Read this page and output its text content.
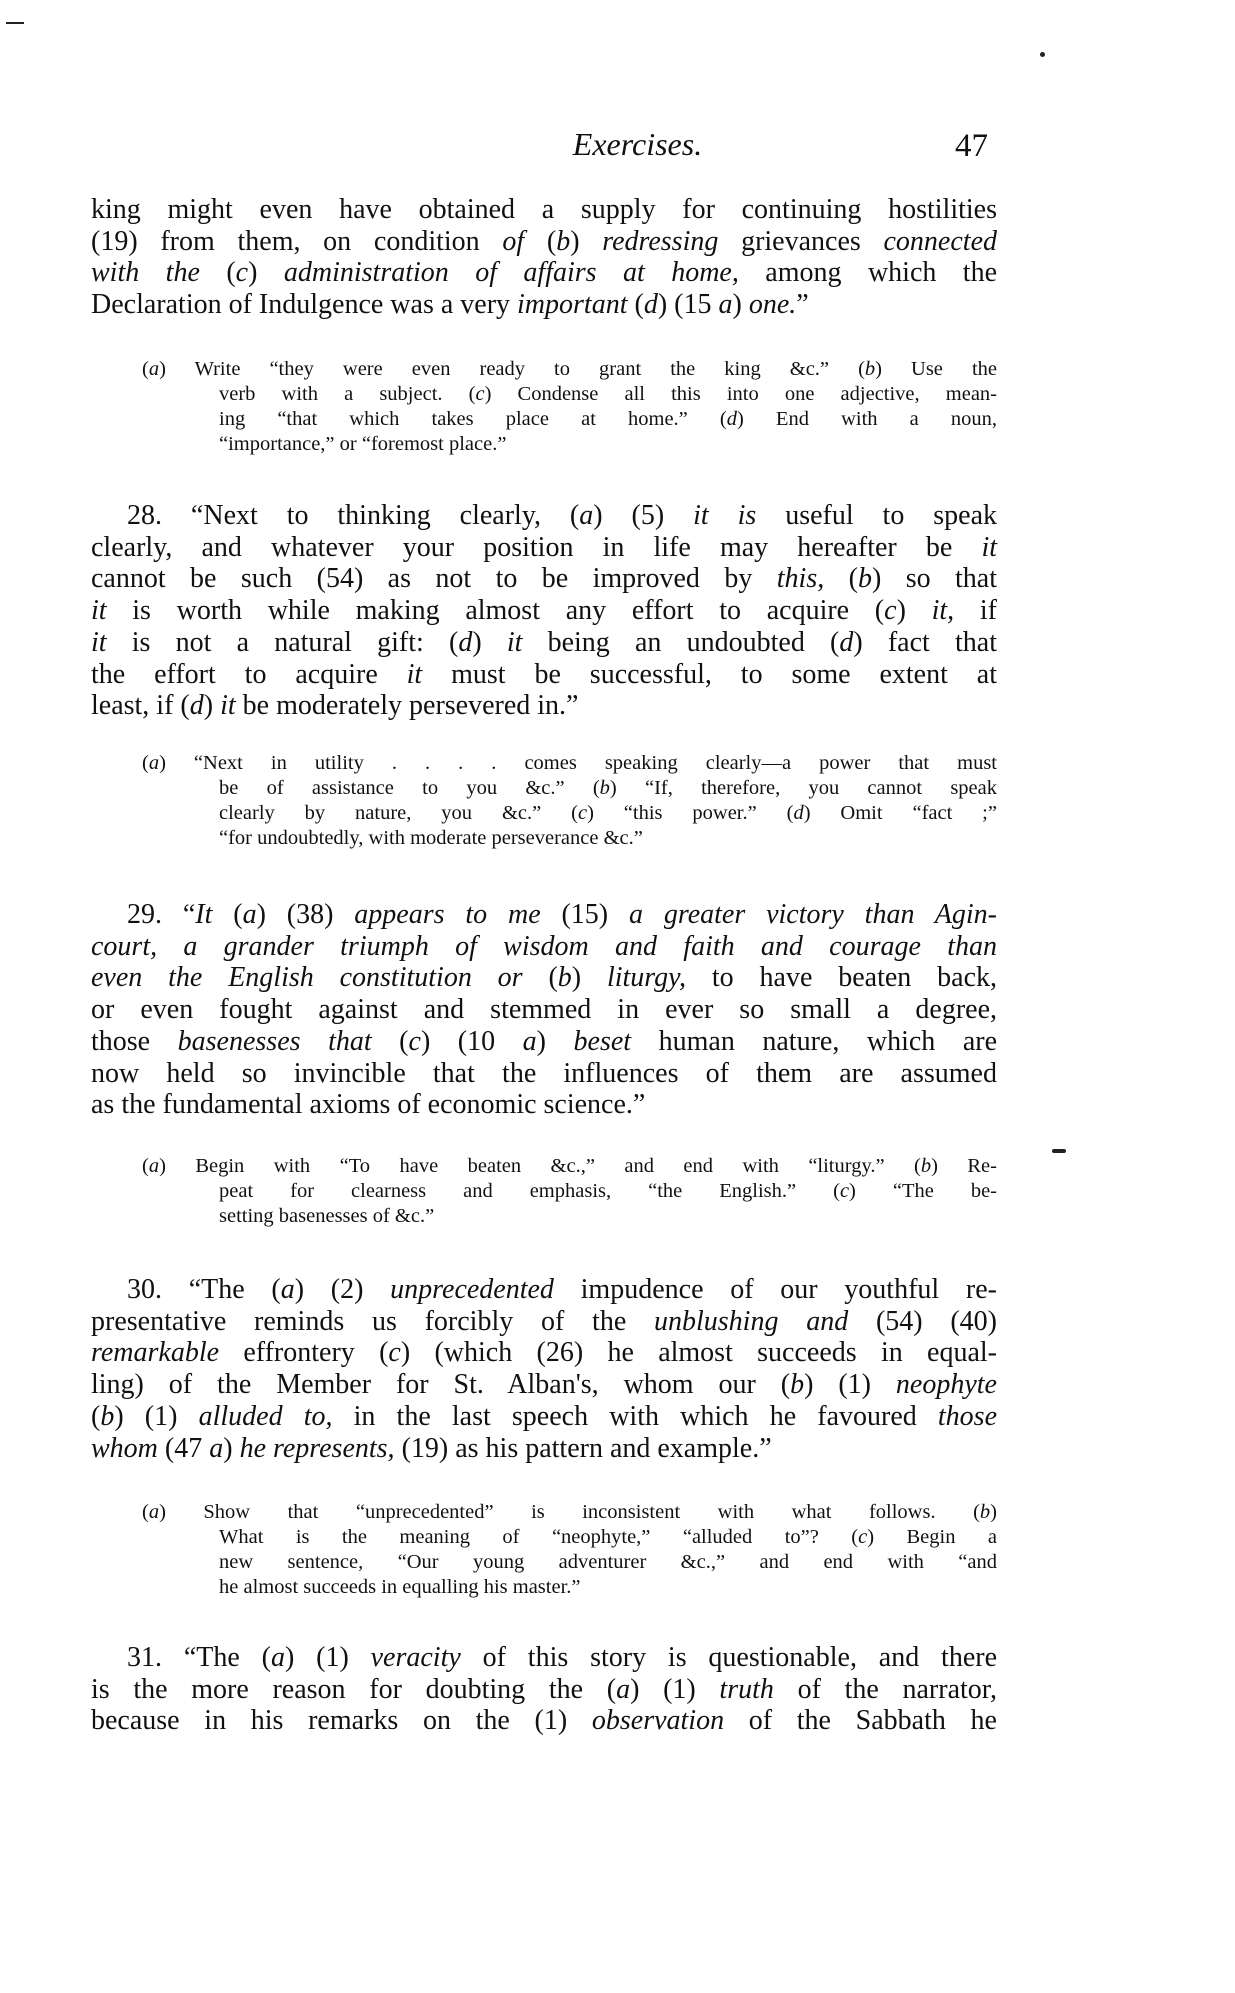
Exercises.	47
king might even have obtained a supply for continuing hostilities
(19) from them, on condition of (b) redressing grievances connected
with the (c) administration of affairs at home, among which the
Declaration of Indulgence was a very important (d) (15 a) one.”
(a) Write “they were even ready to grant the king &c.” (b) Use the
verb with a subject. (c) Condense all this into one adjective, mean-
ing “that which takes place at home.” (d) End with a noun,
“importance,” or “foremost place.”
28. “Next to thinking clearly, (a) (5) it is useful to speak
clearly, and whatever your position in life may hereafter be it
cannot be such (54) as not to be improved by this, (b) so that
it is worth while making almost any effort to acquire (c) it, if
it is not a natural gift: (d) it being an undoubted (d) fact that
the effort to acquire it must be successful, to some extent at
least, if (d) it be moderately persevered in.”
(a) “Next in utility . . . . comes speaking clearly—a power that must
be of assistance to you &c.” (b) “If, therefore, you cannot speak
clearly by nature, you &c.” (c) “this power.” (d) Omit “fact ;”
“for undoubtedly, with moderate perseverance &c.”
29. “It (a) (38) appears to me (15) a greater victory than Agin-
court, a grander triumph of wisdom and faith and courage than
even the English constitution or (b) liturgy, to have beaten back,
or even fought against and stemmed in ever so small a degree,
those basenesses that (c) (10 a) beset human nature, which are
now held so invincible that the influences of them are assumed
as the fundamental axioms of economic science.”
(a) Begin with “To have beaten &c.,” and end with “liturgy.” (b) Re-
peat for clearness and emphasis, “the English.” (c) “The be-
setting basenesses of &c.”
30. “The (a) (2) unprecedented impudence of our youthful re-
presentative reminds us forcibly of the unblushing and (54) (40)
remarkable effrontery (c) (which (26) he almost succeeds in equal-
ling) of the Member for St. Alban's, whom our (b) (1) neophyte
(b) (1) alluded to, in the last speech with which he favoured those
whom (47 a) he represents, (19) as his pattern and example.”
(a) Show that “unprecedented” is inconsistent with what follows. (b)
What is the meaning of “neophyte,” “alluded to”? (c) Begin a
new sentence, “Our young adventurer &c.,” and end with “and
he almost succeeds in equalling his master.”
31. “The (a) (1) veracity of this story is questionable, and there
is the more reason for doubting the (a) (1) truth of the narrator,
because in his remarks on the (1) observation of the Sabbath he
